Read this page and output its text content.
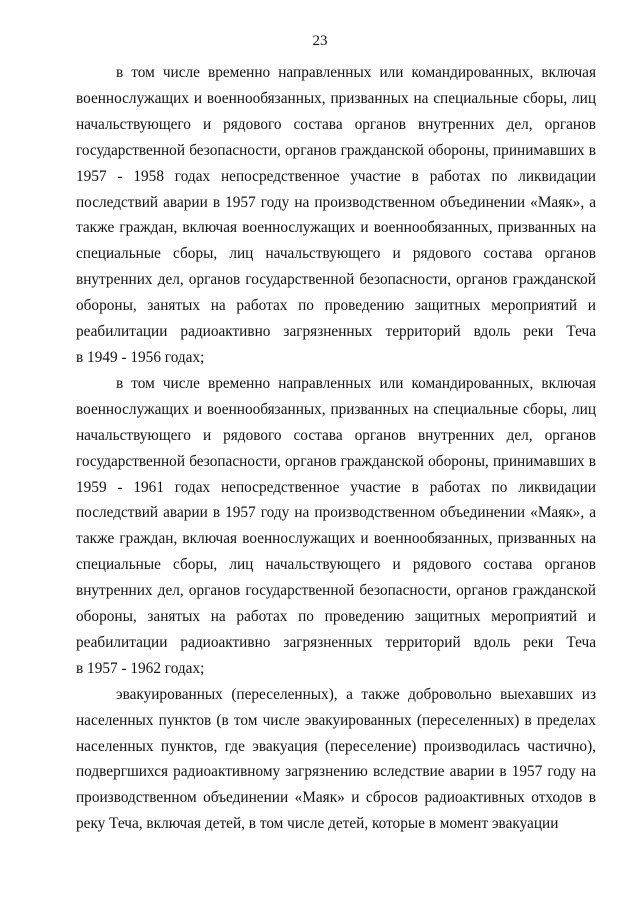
23
в том числе временно направленных или командированных, включая
военнослужащих и военнообязанных, призванных на специальные сборы, лиц
начальствующего и рядового состава органов внутренних дел, органов
государственной безопасности, органов гражданской обороны, принимавших в
1957 - 1958 годах непосредственное участие в работах по ликвидации
последствий аварии в 1957 году на производственном объединении «Маяк», а
также граждан, включая военнослужащих и военнообязанных, призванных на
специальные сборы, лиц начальствующего и рядового состава органов
внутренних дел, органов государственной безопасности, органов гражданской
обороны, занятых на работах по проведению защитных мероприятий и
реабилитации радиоактивно загрязненных территорий вдоль реки Теча
в 1949 - 1956 годах;
в том числе временно направленных или командированных, включая
военнослужащих и военнообязанных, призванных на специальные сборы, лиц
начальствующего и рядового состава органов внутренних дел, органов
государственной безопасности, органов гражданской обороны, принимавших в
1959 - 1961 годах непосредственное участие в работах по ликвидации
последствий аварии в 1957 году на производственном объединении «Маяк», а
также граждан, включая военнослужащих и военнообязанных, призванных на
специальные сборы, лиц начальствующего и рядового состава органов
внутренних дел, органов государственной безопасности, органов гражданской
обороны, занятых на работах по проведению защитных мероприятий и
реабилитации радиоактивно загрязненных территорий вдоль реки Теча
в 1957 - 1962 годах;
эвакуированных (переселенных), а также добровольно выехавших из
населенных пунктов (в том числе эвакуированных (переселенных) в пределах
населенных пунктов, где эвакуация (переселение) производилась частично),
подвергшихся радиоактивному загрязнению вследствие аварии в 1957 году на
производственном объединении «Маяк» и сбросов радиоактивных отходов в
реку Теча, включая детей, в том числе детей, которые в момент эвакуации
